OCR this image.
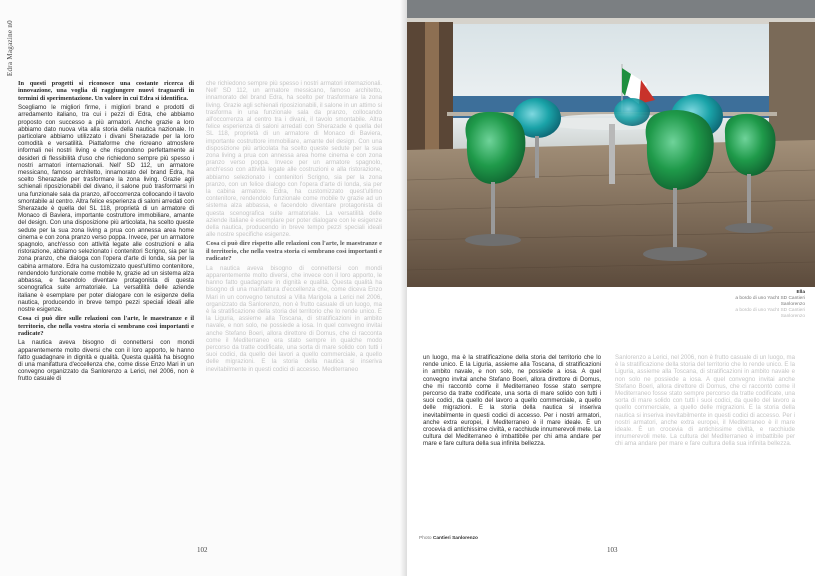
Edra Magazine n0

In questi progetti si riconosce una costante ricerca di innovazione, una voglia di raggiungere nuovi traguardi in termini di sperimentazione. Un valore in cui Edra si identifica.

Scegliamo le migliori firme, i migliori brand e prodotti di arredamento italiano, tra cui i pezzi di Edra, che abbiamo proposto con successo a più armatori. Anche grazie a loro abbiamo dato nuova vita alla storia della nautica nazionale. In particolare abbiamo utilizzato i divani Sherazade per la loro comodità e versatilità. Piattaforme che ricreano atmosfere informali nei nostri living e che rispondono perfettamente ai desideri di flessibilità d'uso che richiedono sempre più spesso i nostri armatori internazionali. Nell' SD 112, un armatore messicano, famoso architetto, innamorato del brand Edra, ha scelto Sherazade per trasformare la zona living. Grazie agli schienali riposizionabili del divano, il salone può trasformarsi in una funzionale sala da pranzo, all'occorrenza collocando il tavolo smontabile al centro. Altra felice esperienza di saloni arredati con Sherazade è quella del SL 118, proprietà di un armatore di Monaco di Baviera, importante costruttore immobiliare, amante del design. Con una disposizione più articolata, ha scelto queste sedute per la sua zona living a prua con annessa area home cinema e con zona pranzo verso poppa. Invece, per un armatore spagnolo, anch'esso con attività legate alle costruzioni e alla ristorazione, abbiamo selezionato i contenitori Scrigno, sia per la zona pranzo, che dialoga con l'opera d'arte di Ionda, sia per la cabina armatore. Edra ha customizzato quest'ultimo contenitore, rendendolo funzionale come mobile tv, grazie ad un sistema alza abbassa, e facendolo diventare protagonista di questa scenografica suite armatoriale. La versatilità delle aziende italiane è esemplare per poter dialogare con le esigenze della nautica, producendo in breve tempo pezzi speciali ideali alle nostre esigenze.

Cosa ci può dire sulle relazioni con l'arte, le maestranze e il territorio, che nella vostra storia ci sembrano così importanti e radicate?

La nautica aveva bisogno di connettersi con mondi apparentemente molto diversi che con il loro apporto, le hanno fatto guadagnare in dignità e qualità. Questa qualità ha bisogno di una manifattura d'eccellenza che, come disse Enzo Mari in un convegno organizzato da Sanlorenzo a Lerici, nel 2006, non è frutto casuale di

che richiedono sempre più spesso i nostri armatori internazionali. Nell' SD 112, un armatore messicano, famoso architetto, innamorato del brand Edra, ha scelto per trasformare la zona living. Grazie agli schienali riposizionabili, il salone in un attimo si trasforma in una funzionale sala da pranzo, collocando all'occorrenza al centro tra i divani, il tavolo smontabile. Altra felice esperienza di saloni arredati con Sherazade è quella del SL 118, proprietà di un armatore di Monaco di Baviera, importante costruttore immobiliare, amante del design. Con una disposizione più articolata ha scelto queste sedute per la sua zona living a prua con annessa area home cinema e con zona pranzo verso poppa. Invece per un armatore spagnolo, anch'esso con attività legate alle costruzioni e alla ristorazione, abbiamo selezionato i contenitori Scrigno, sia per la zona pranzo, con un felice dialogo con l'opera d'arte di Ionda, sia per la cabina armatore. Edra, ha customizzato quest'ultimo contenitore, rendendolo funzionale come mobile tv grazie ad un sistema alza abbassa, e facendolo diventare protagonista di questa scenografica suite armatoriale. La versatilità delle aziende italiane è esemplare per poter dialogare con le esigenze della nautica, producendo in breve tempo pezzi speciali ideali alle nostre specifiche esigenze.

Cosa ci può dire rispetto alle relazioni con l'arte, le maestranze e il territorio, che nella vostra storia ci sembrano così importanti e radicate?

La nautica aveva bisogno di connettersi con mondi apparentemente molto diversi, che invece con il loro apporto, le hanno fatto guadagnare in dignità e qualità. Questa qualità ha bisogno di una manifattura d'eccellenza che, come diceva Enzo Mari in un convegno tenutosi a Villa Marigola a Lerici nel 2006, organizzato da Sanlorenzo, non è frutto casuale di un luogo, ma è la stratificazione della storia del territorio che lo rende unico. E la Liguria, assieme alla Toscana, di stratificazioni in ambito navale, e non solo, ne possiede a iosa. In quel convegno invitai anche Stefano Boeri, allora direttore di Domus, che ci racconta come il Mediterraneo era stato sempre in qualche modo percorso da tratte codificate, una sorta di mare solido con tutti i suoi codici, da quello dei lavori a quello commerciale, a quello delle migrazioni. E la storia della nautica si inseriva inevitabilmente in questi codici di accesso. Mediterraneo

102
Ella
a bordo di uno Yacht SD Cantieri
Sanlorenzo
a bordo di uno Yacht SD Cantieri
Sanlorenzo

un luogo, ma è la stratificazione della storia del territorio che lo rende unico. E la Liguria, assieme alla Toscana, di stratificazioni in ambito navale, e non solo, ne possiede a iosa. A quel convegno invitai anche Stefano Boeri, allora direttore di Domus, che mi raccontò come il Mediterraneo fosse stato sempre percorso da tratte codificate, una sorta di mare solido con tutti i suoi codici, da quello del lavoro a quello commerciale, a quello delle migrazioni. E la storia della nautica si inseriva inevitabilmente in questi codici di accesso. Per i nostri armatori, anche extra europei, il Mediterraneo è il mare ideale. È un crocevia di antichissime civiltà, e racchiude innumerevoli mete. La cultura del Mediterraneo è imbattibile per chi ama andare per mare e fare cultura della sua infinita bellezza.

Sanlorenzo a Lerici, nel 2006, non è frutto casuale di un luogo, ma è la stratificazione della storia del territorio che lo rende unico. E la Liguria, assieme alla Toscana, di stratificazioni in ambito navale e non solo ne possiede a iosa. A quel convegno invitai anche Stefano Boeri, allora direttore di Domus, che ci raccontò come il Mediterraneo fosse stato sempre percorso da tratte codificate, una sorta di mare solido con tutti i suoi codici, da quello del lavoro a quello commerciale, a quello delle migrazioni. E la storia della nautica si inseriva inevitabilmente in questi codici di accesso. Per i nostri armatori, anche extra europei, il Mediterraneo è il mare ideale. È un crocevia di antichissime civiltà, e racchiude innumerevoli mete. La cultura del Mediterraneo è imbattibile per chi ama andare per mare e fare cultura della sua infinita bellezza.

Photo Cantieri Sanlorenzo
103
